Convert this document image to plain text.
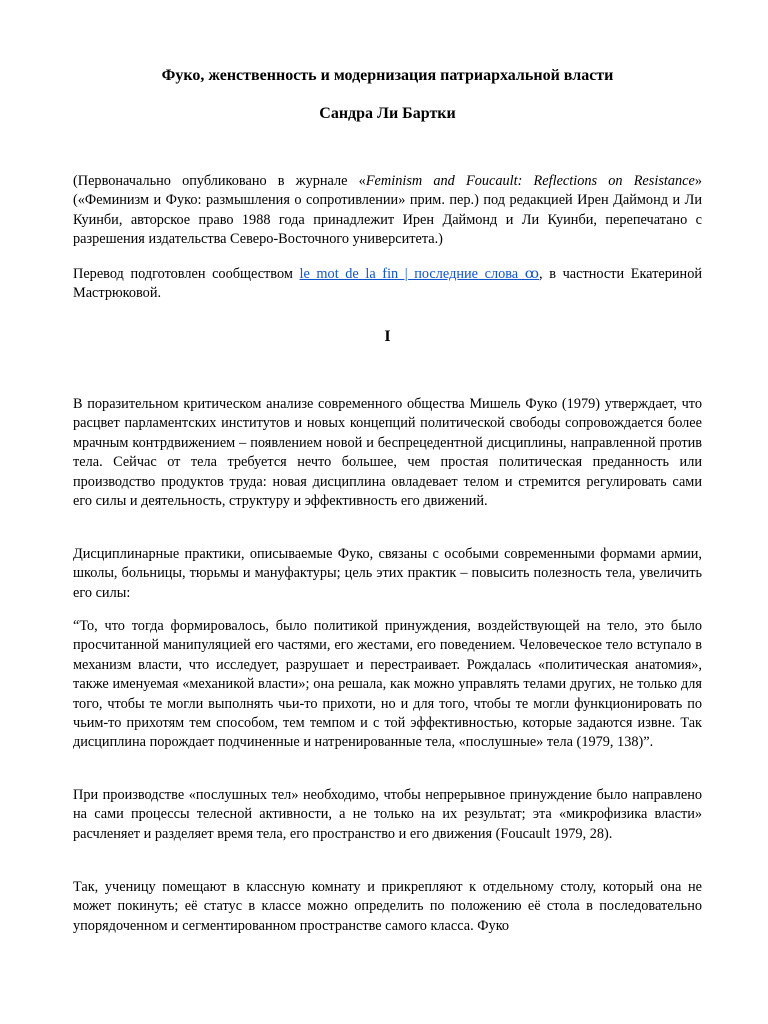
Фуко, женственность и модернизация патриархальной власти
Сандра Ли Бартки

(Первоначально опубликовано в журнале «Feminism and Foucault: Reflections on Resistance» («Феминизм и Фуко: размышления о сопротивлении» прим. пер.) под редакцией Ирен Даймонд и Ли Куинби, авторское право 1988 года принадлежит Ирен Даймонд и Ли Куинби, перепечатано с разрешения издательства Северо-Восточного университета.)

Перевод подготовлен сообществом le mot de la fin | последние слова ꝏ, в частности Екатериной Мастрюковой.

I

В поразительном критическом анализе современного общества Мишель Фуко (1979) утверждает, что расцвет парламентских институтов и новых концепций политической свободы сопровождается более мрачным контрдвижением – появлением новой и беспрецедентной дисциплины, направленной против тела. Сейчас от тела требуется нечто большее, чем простая политическая преданность или производство продуктов труда: новая дисциплина овладевает телом и стремится регулировать сами его силы и деятельность, структуру и эффективность его движений.

Дисциплинарные практики, описываемые Фуко, связаны с особыми современными формами армии, школы, больницы, тюрьмы и мануфактуры; цель этих практик – повысить полезность тела, увеличить его силы:

“То, что тогда формировалось, было политикой принуждения, воздействующей на тело, это было просчитанной манипуляцией его частями, его жестами, его поведением. Человеческое тело вступало в механизм власти, что исследует, разрушает и перестраивает. Рождалась «политическая анатомия», также именуемая «механикой власти»; она решала, как можно управлять телами других, не только для того, чтобы те могли выполнять чьи-то прихоти, но и для того, чтобы те могли функционировать по чьим-то прихотям тем способом, тем темпом и с той эффективностью, которые задаются извне. Так дисциплина порождает подчиненные и натренированные тела, «послушные» тела (1979, 138)”.

При производстве «послушных тел» необходимо, чтобы непрерывное принуждение было направлено на сами процессы телесной активности, а не только на их результат; эта «микрофизика власти» расчленяет и разделяет время тела, его пространство и его движения (Foucault 1979, 28).

Так, ученицу помещают в классную комнату и прикрепляют к отдельному столу, который она не может покинуть; её статус в классе можно определить по положению её стола в последовательно упорядоченном и сегментированном пространстве самого класса. Фуко
